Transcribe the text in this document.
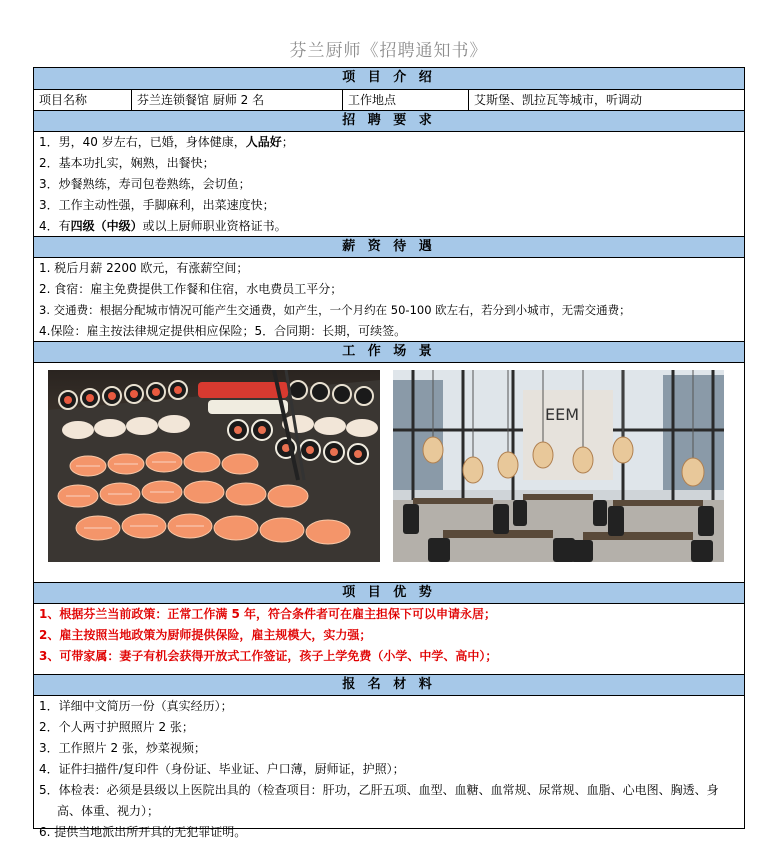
芬兰厨师《招聘通知书》
项 目 介 绍
项目名称	芬兰连锁餐馆 厨师 2 名	工作地点	艾斯堡、凯拉瓦等城市，听调动
招 聘 要 求
1．男，40 岁左右，已婚，身体健康，人品好；
2．基本功扎实，娴熟，出餐快；
3．炒餐熟练，寿司包卷熟练，会切鱼；
3．工作主动性强，手脚麻利，出菜速度快；
4．有四级（中级）或以上厨师职业资格证书。
薪 资 待 遇
1. 税后月薪 2200 欧元，有涨薪空间；
2. 食宿：雇主免费提供工作餐和住宿，水电费员工平分；
3. 交通费：根据分配城市情况可能产生交通费，如产生，一个月约在 50-100 欧左右，若分到小城市，无需交通费；
4.保险：雇主按法律规定提供相应保险；5．合同期：长期，可续签。
工 作 场 景
EEM
项 目 优 势
1、根据芬兰当前政策：正常工作满 5 年，符合条件者可在雇主担保下可以申请永居；
2、雇主按照当地政策为厨师提供保险，雇主规模大，实力强；
3、可带家属：妻子有机会获得开放式工作签证，孩子上学免费（小学、中学、高中）；
报 名 材 料
1．详细中文简历一份（真实经历）；
2．个人两寸护照照片 2 张；
3．工作照片 2 张，炒菜视频；
4．证件扫描件/复印件（身份证、毕业证、户口薄，厨师证，护照）；
5．体检表：必须是县级以上医院出具的（检查项目：肝功，乙肝五项、血型、血糖、血常规、尿常规、血脂、心电图、胸透、身高、体重、视力）；
6. 提供当地派出所开具的无犯罪证明。
